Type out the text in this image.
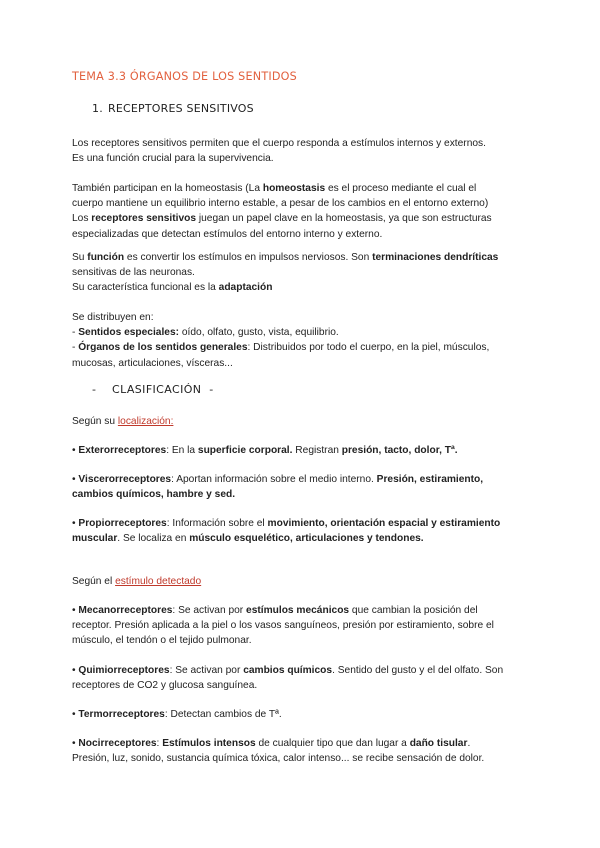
TEMA 3.3 ÓRGANOS DE LOS SENTIDOS
1. RECEPTORES SENSITIVOS
Los receptores sensitivos permiten que el cuerpo responda a estímulos internos y externos.
Es una función crucial para la supervivencia.
También participan en la homeostasis (La homeostasis es el proceso mediante el cual el
cuerpo mantiene un equilibrio interno estable, a pesar de los cambios en el entorno externo)
Los receptores sensitivos juegan un papel clave en la homeostasis, ya que son estructuras
especializadas que detectan estímulos del entorno interno y externo.
Su función es convertir los estímulos en impulsos nerviosos. Son terminaciones dendríticas
sensitivas de las neuronas.
Su característica funcional es la adaptación
Se distribuyen en:
- Sentidos especiales: oído, olfato, gusto, vista, equilibrio.
- Órganos de los sentidos generales: Distribuidos por todo el cuerpo, en la piel, músculos,
mucosas, articulaciones, vísceras...
- CLASIFICACIÓN -
Según su localización:
• Exterorreceptores: En la superficie corporal. Registran presión, tacto, dolor, Tª.
• Viscerorreceptores: Aportan información sobre el medio interno. Presión, estiramiento,
cambios químicos, hambre y sed.
• Propiorreceptores: Información sobre el movimiento, orientación espacial y estiramiento
muscular. Se localiza en músculo esquelético, articulaciones y tendones.
Según el estímulo detectado
• Mecanorreceptores: Se activan por estímulos mecánicos que cambian la posición del
receptor. Presión aplicada a la piel o los vasos sanguíneos, presión por estiramiento, sobre el
músculo, el tendón o el tejido pulmonar.
• Quimiorreceptores: Se activan por cambios químicos. Sentido del gusto y el del olfato. Son
receptores de CO2 y glucosa sanguínea.
• Termorreceptores: Detectan cambios de Tª.
• Nocirreceptores: Estímulos intensos de cualquier tipo que dan lugar a daño tisular.
Presión, luz, sonido, sustancia química tóxica, calor intenso... se recibe sensación de dolor.
